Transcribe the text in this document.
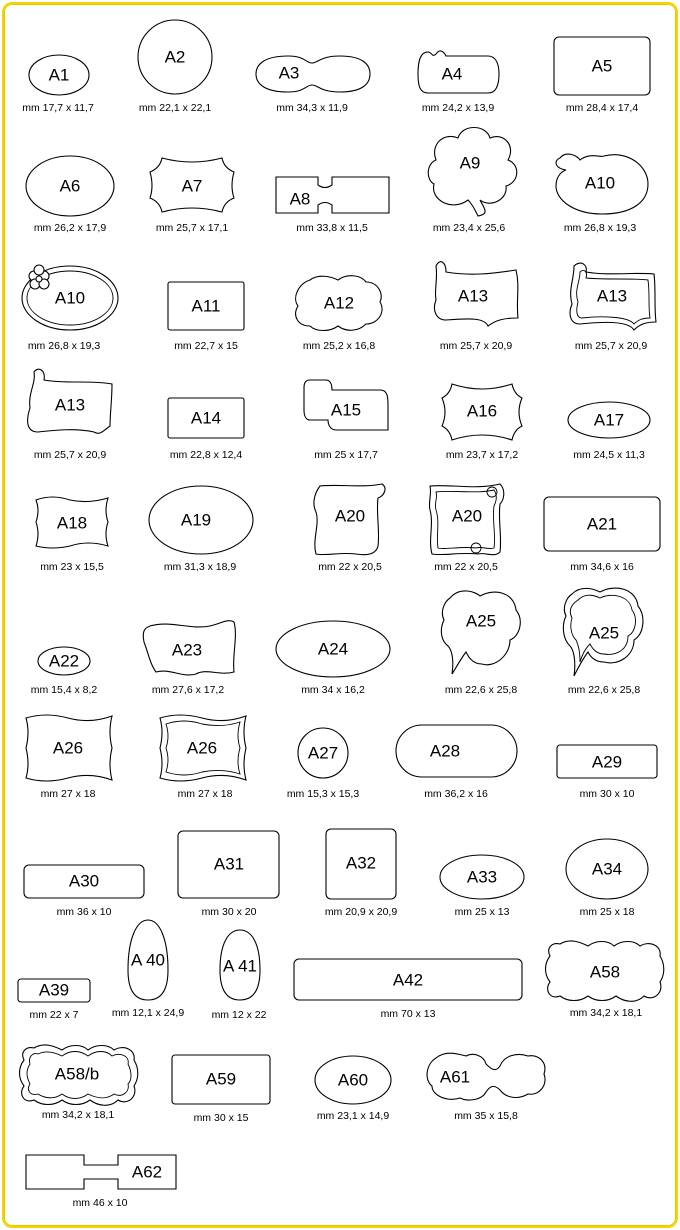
A1
mm 17,7 x 11,7
A2
mm 22,1 x 22,1
A3
mm 34,3 x 11,9
A4
mm 24,2 x 13,9
A5
mm 28,4 x 17,4
A6
mm 26,2 x 17,9
A7
mm 25,7 x 17,1
A8
mm 33,8 x 11,5
A9
mm 23,4 x 25,6
A10
mm 26,8 x 19,3
A10
mm 26,8 x 19,3
A11
mm 22,7 x 15
A12
mm 25,2 x 16,8
A13
mm 25,7 x 20,9
A13
mm 25,7 x 20,9
A13
mm 25,7 x 20,9
A14
mm 22,8 x 12,4
A15
mm 25 x 17,7
A16
mm 23,7 x 17,2
A17
mm 24,5 x 11,3
A18
mm 23 x 15,5
A19
mm 31,3 x 18,9
A20
mm 22 x 20,5
A20
mm 22 x 20,5
A21
mm 34,6 x 16
A22
mm 15,4 x 8,2
A23
mm 27,6 x 17,2
A24
mm 34 x 16,2
A25
mm 22,6 x 25,8
A25
mm 22,6 x 25,8
A26
mm 27 x 18
A26
mm 27 x 18
A27
mm 15,3 x 15,3
A28
mm 36,2 x 16
A29
mm 30 x 10
A30
mm 36 x 10
A31
mm 30 x 20
A32
mm 20,9 x 20,9
A33
mm 25 x 13
A34
mm 25 x 18
A39
mm 22 x 7
A 40
mm 12,1 x 24,9
A 41
mm 12 x 22
A42
mm 70 x 13
A58
mm 34,2 x 18,1
A58/b
mm 34,2 x 18,1
A59
mm 30 x 15
A60
mm 23,1 x 14,9
A61
mm 35 x 15,8
A62
mm 46 x 10
